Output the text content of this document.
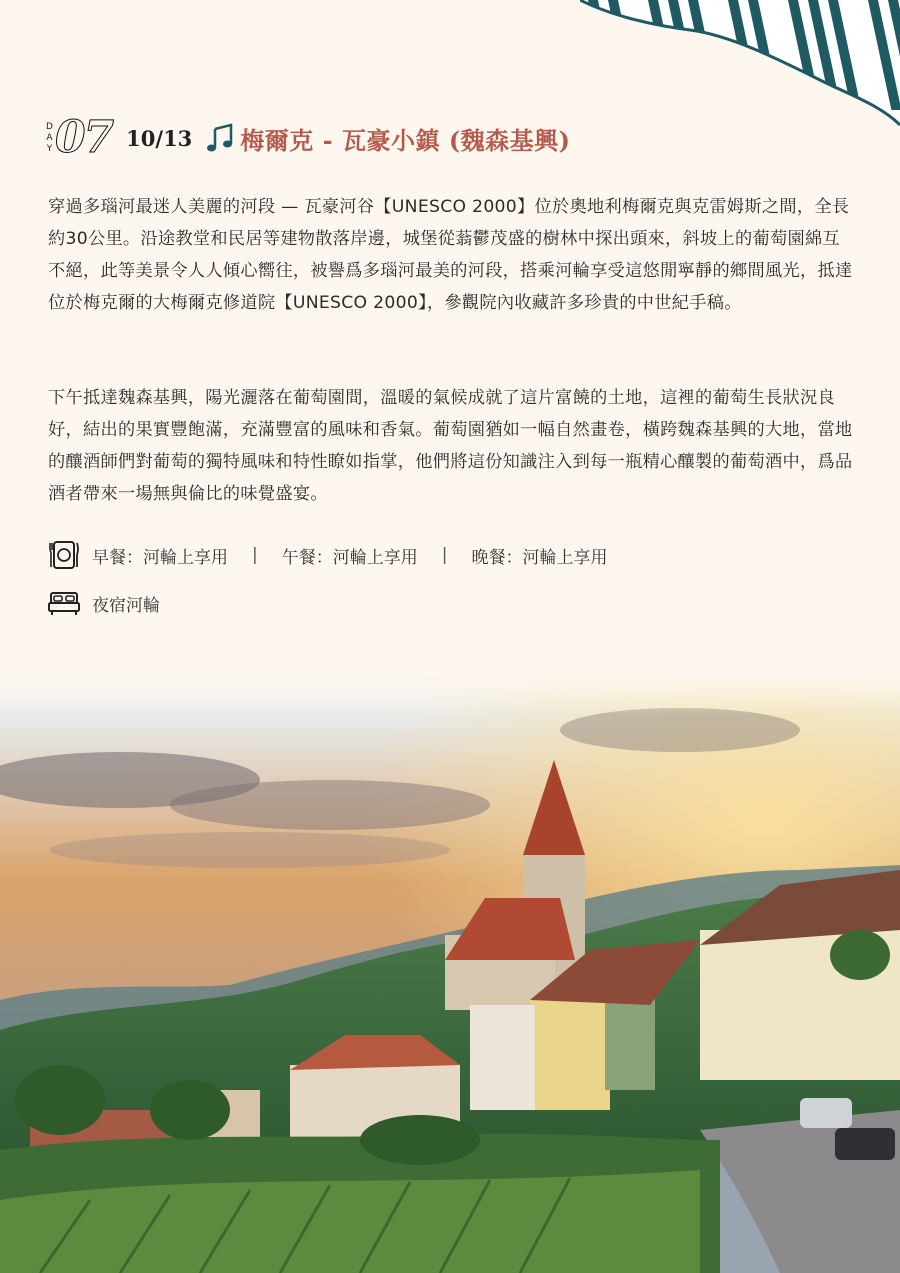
D
A
Y 07 10/13 梅爾克 - 瓦豪小鎮 (魏森基興)

穿過多瑙河最迷人美麗的河段 — 瓦豪河谷【UNESCO 2000】位於奧地利梅爾克與克雷姆斯之間，全長約30公里。沿途教堂和民居等建物散落岸邊，城堡從蓊鬱茂盛的樹林中探出頭來，斜坡上的葡萄園綿互不絕，此等美景令人人傾心嚮往，被譽爲多瑙河最美的河段，搭乘河輪享受這悠閒寧靜的鄉間風光，抵達位於梅克爾的大梅爾克修道院【UNESCO 2000】，參觀院內收藏許多珍貴的中世紀手稿。

下午抵達魏森基興，陽光灑落在葡萄園間，溫暖的氣候成就了這片富饒的土地，這裡的葡萄生長狀況良好，結出的果實豐飽滿，充滿豐富的風味和香氣。葡萄園猶如一幅自然畫卷，橫跨魏森基興的大地，當地的釀酒師們對葡萄的獨特風味和特性瞭如指掌，他們將這份知識注入到每一瓶精心釀製的葡萄酒中，爲品酒者帶來一場無與倫比的味覺盛宴。

早餐：河輪上享用 | 午餐：河輪上享用 | 晚餐：河輪上享用
夜宿河輪
